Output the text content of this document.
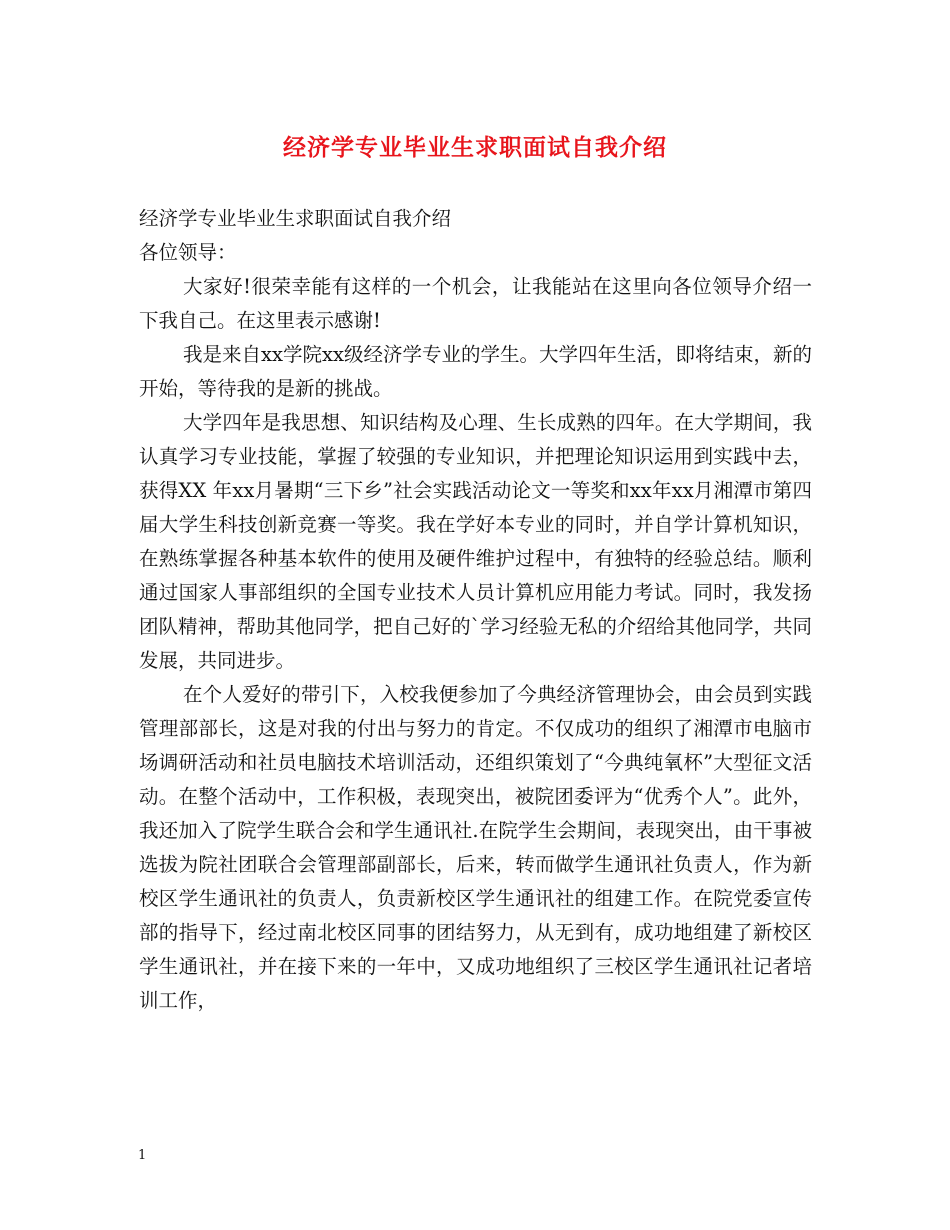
经济学专业毕业生求职面试自我介绍

经济学专业毕业生求职面试自我介绍

各位领导：

大家好!很荣幸能有这样的一个机会，让我能站在这里向各位领导介绍一下我自己。在这里表示感谢!

我是来自xx学院xx级经济学专业的学生。大学四年生活，即将结束，新的开始，等待我的是新的挑战。

大学四年是我思想、知识结构及心理、生长成熟的四年。在大学期间，我认真学习专业技能，掌握了较强的专业知识，并把理论知识运用到实践中去，获得XX 年xx月暑期“三下乡”社会实践活动论文一等奖和xx年xx月湘潭市第四届大学生科技创新竞赛一等奖。我在学好本专业的同时，并自学计算机知识，在熟练掌握各种基本软件的使用及硬件维护过程中，有独特的经验总结。顺利通过国家人事部组织的全国专业技术人员计算机应用能力考试。同时，我发扬团队精神，帮助其他同学，把自己好的`学习经验无私的介绍给其他同学，共同发展，共同进步。

在个人爱好的带引下，入校我便参加了今典经济管理协会，由会员到实践管理部部长，这是对我的付出与努力的肯定。不仅成功的组织了湘潭市电脑市场调研活动和社员电脑技术培训活动，还组织策划了“今典纯氧杯”大型征文活动。在整个活动中，工作积极，表现突出，被院团委评为“优秀个人”。此外，我还加入了院学生联合会和学生通讯社.在院学生会期间，表现突出，由干事被选拔为院社团联合会管理部副部长，后来，转而做学生通讯社负责人，作为新校区学生通讯社的负责人，负责新校区学生通讯社的组建工作。在院党委宣传部的指导下，经过南北校区同事的团结努力，从无到有，成功地组建了新校区学生通讯社，并在接下来的一年中，又成功地组织了三校区学生通讯社记者培训工作，

1
